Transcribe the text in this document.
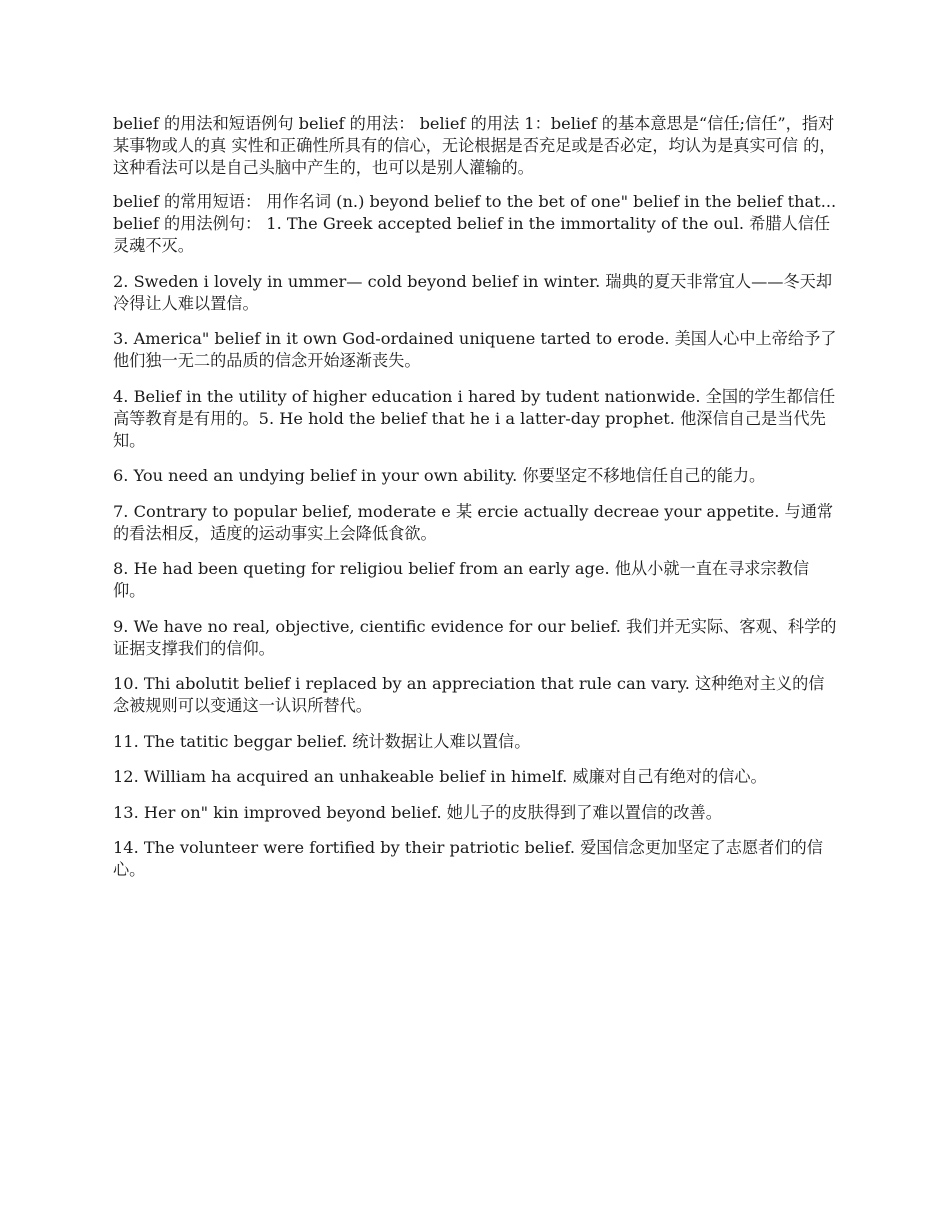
belief 的用法和短语例句 belief 的用法： belief 的用法 1：belief 的基本意思是“信任;信任”，指对某事物或人的真 实性和正确性所具有的信心，无论根据是否充足或是否必定，均认为是真实可信 的，这种看法可以是自己头脑中产生的，也可以是别人灌输的。

belief 的常用短语： 用作名词 (n.) beyond belief to the bet of one" belief in the belief that... belief 的用法例句： 1. The Greek accepted belief in the immortality of the oul. 希腊人信任灵魂不灭。

2. Sweden i lovely in ummer— cold beyond belief in winter. 瑞典的夏天非常宜人——冬天却冷得让人难以置信。

3. America" belief in it own God-ordained uniquene tarted to erode. 美国人心中上帝给予了他们独一无二的品质的信念开始逐渐丧失。

4. Belief in the utility of higher education i hared by tudent nationwide. 全国的学生都信任高等教育是有用的。5. He hold the belief that he i a latter-day prophet. 他深信自己是当代先知。

6. You need an undying belief in your own ability. 你要坚定不移地信任自己的能力。

7. Contrary to popular belief, moderate e 某 ercie actually decreae your appetite. 与通常的看法相反，适度的运动事实上会降低食欲。

8. He had been queting for religiou belief from an early age. 他从小就一直在寻求宗教信仰。

9. We have no real, objective, cientific evidence for our belief. 我们并无实际、客观、科学的证据支撑我们的信仰。

10. Thi abolutit belief i replaced by an appreciation that rule can vary. 这种绝对主义的信念被规则可以变通这一认识所替代。

11. The tatitic beggar belief. 统计数据让人难以置信。

12. William ha acquired an unhakeable belief in himelf. 威廉对自己有绝对的信心。

13. Her on" kin improved beyond belief. 她儿子的皮肤得到了难以置信的改善。

14. The volunteer were fortified by their patriotic belief. 爱国信念更加坚定了志愿者们的信心。
